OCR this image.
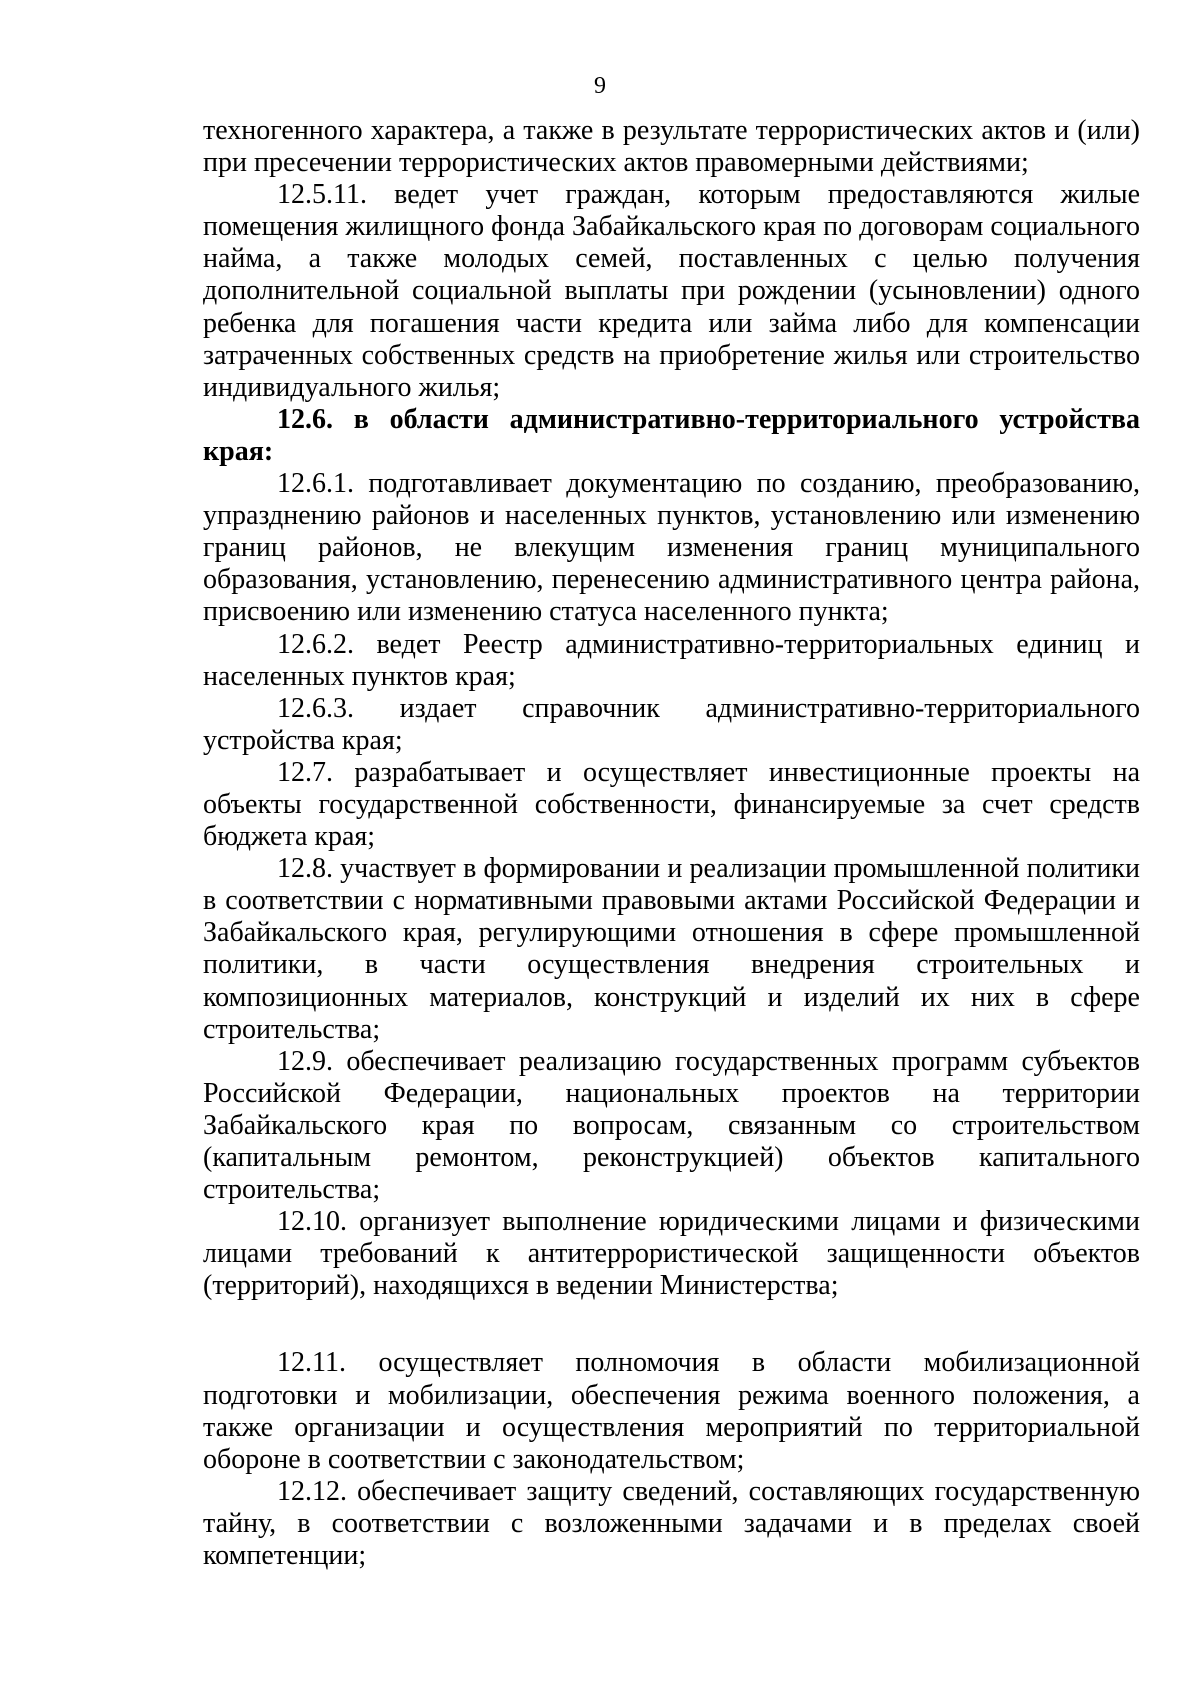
9

техногенного характера, а также в результате террористических актов и (или) при пресечении террористических актов правомерными действиями;

12.5.11. ведет учет граждан, которым предоставляются жилые помещения жилищного фонда Забайкальского края по договорам социального найма, а также молодых семей, поставленных с целью получения дополнительной социальной выплаты при рождении (усыновлении) одного ребенка для погашения части кредита или займа либо для компенсации затраченных собственных средств на приобретение жилья или строительство индивидуального жилья;

12.6. в области административно-территориального устройства края:

12.6.1. подготавливает документацию по созданию, преобразованию, упразднению районов и населенных пунктов, установлению или изменению границ районов, не влекущим изменения границ муниципального образования, установлению, перенесению административного центра района, присвоению или изменению статуса населенного пункта;

12.6.2. ведет Реестр административно-территориальных единиц и населенных пунктов края;

12.6.3. издает справочник административно-территориального устройства края;

12.7. разрабатывает и осуществляет инвестиционные проекты на объекты государственной собственности, финансируемые за счет средств бюджета края;

12.8. участвует в формировании и реализации промышленной политики в соответствии с нормативными правовыми актами Российской Федерации и Забайкальского края, регулирующими отношения в сфере промышленной политики, в части осуществления внедрения строительных и композиционных материалов, конструкций и изделий их них в сфере строительства;

12.9. обеспечивает реализацию государственных программ субъектов Российской Федерации, национальных проектов на территории Забайкальского края по вопросам, связанным со строительством (капитальным ремонтом, реконструкцией) объектов капитального строительства;

12.10. организует выполнение юридическими лицами и физическими лицами требований к антитеррористической защищенности объектов (территорий), находящихся в ведении Министерства;

12.11. осуществляет полномочия в области мобилизационной подготовки и мобилизации, обеспечения режима военного положения, а также организации и осуществления мероприятий по территориальной обороне в соответствии с законодательством;

12.12. обеспечивает защиту сведений, составляющих государственную тайну, в соответствии с возложенными задачами и в пределах своей компетенции;
